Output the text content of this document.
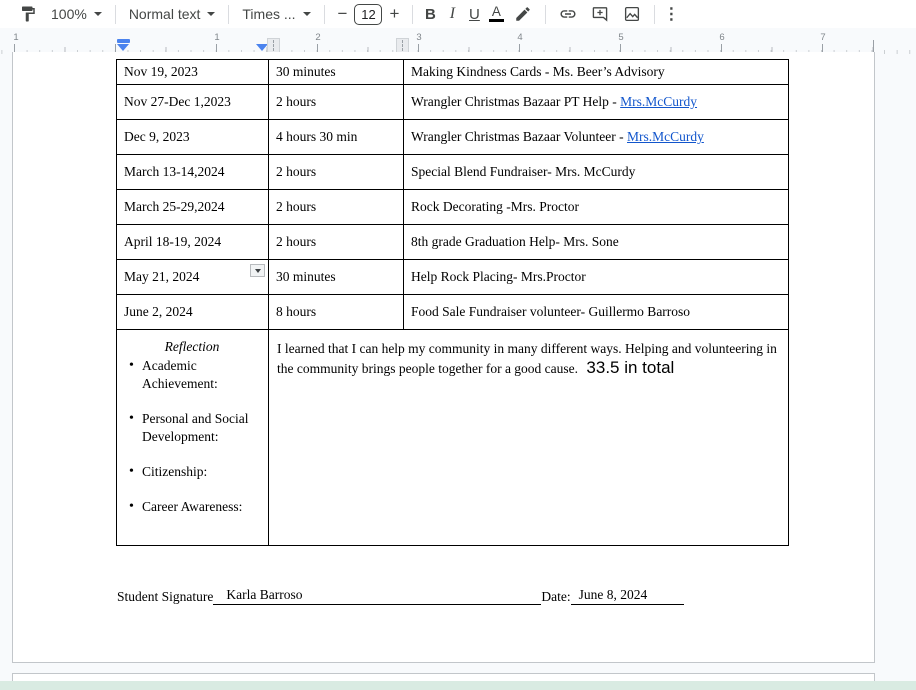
100%	Normal text	Times ...	−	12 +	B I U A	⋮
1	1	2	3	4	5	6	7
Nov 19, 2023	30 minutes	Making Kindness Cards - Ms. Beer’s Advisory
Nov 27-Dec 1,2023	2 hours	Wrangler Christmas Bazaar PT Help - Mrs.McCurdy
Dec 9, 2023	4 hours 30 min	Wrangler Christmas Bazaar Volunteer - Mrs.McCurdy
March 13-14,2024	2 hours	Special Blend Fundraiser- Mrs. McCurdy
March 25-29,2024	2 hours	Rock Decorating -Mrs. Proctor
April 18-19, 2024	2 hours	8th grade Graduation Help- Mrs. Sone
May 21, 2024	30 minutes	Help Rock Placing- Mrs.Proctor
June 2, 2024	8 hours	Food Sale Fundraiser volunteer- Guillermo Barroso

Reflection
• Academic Achievement:
• Personal and Social Development:
• Citizenship:
• Career Awareness:

I learned that I can help my community in many different ways. Helping and volunteering in the community brings people together for a good cause. 33.5 in total
Student Signature Karla Barroso	Date: June 8, 2024
